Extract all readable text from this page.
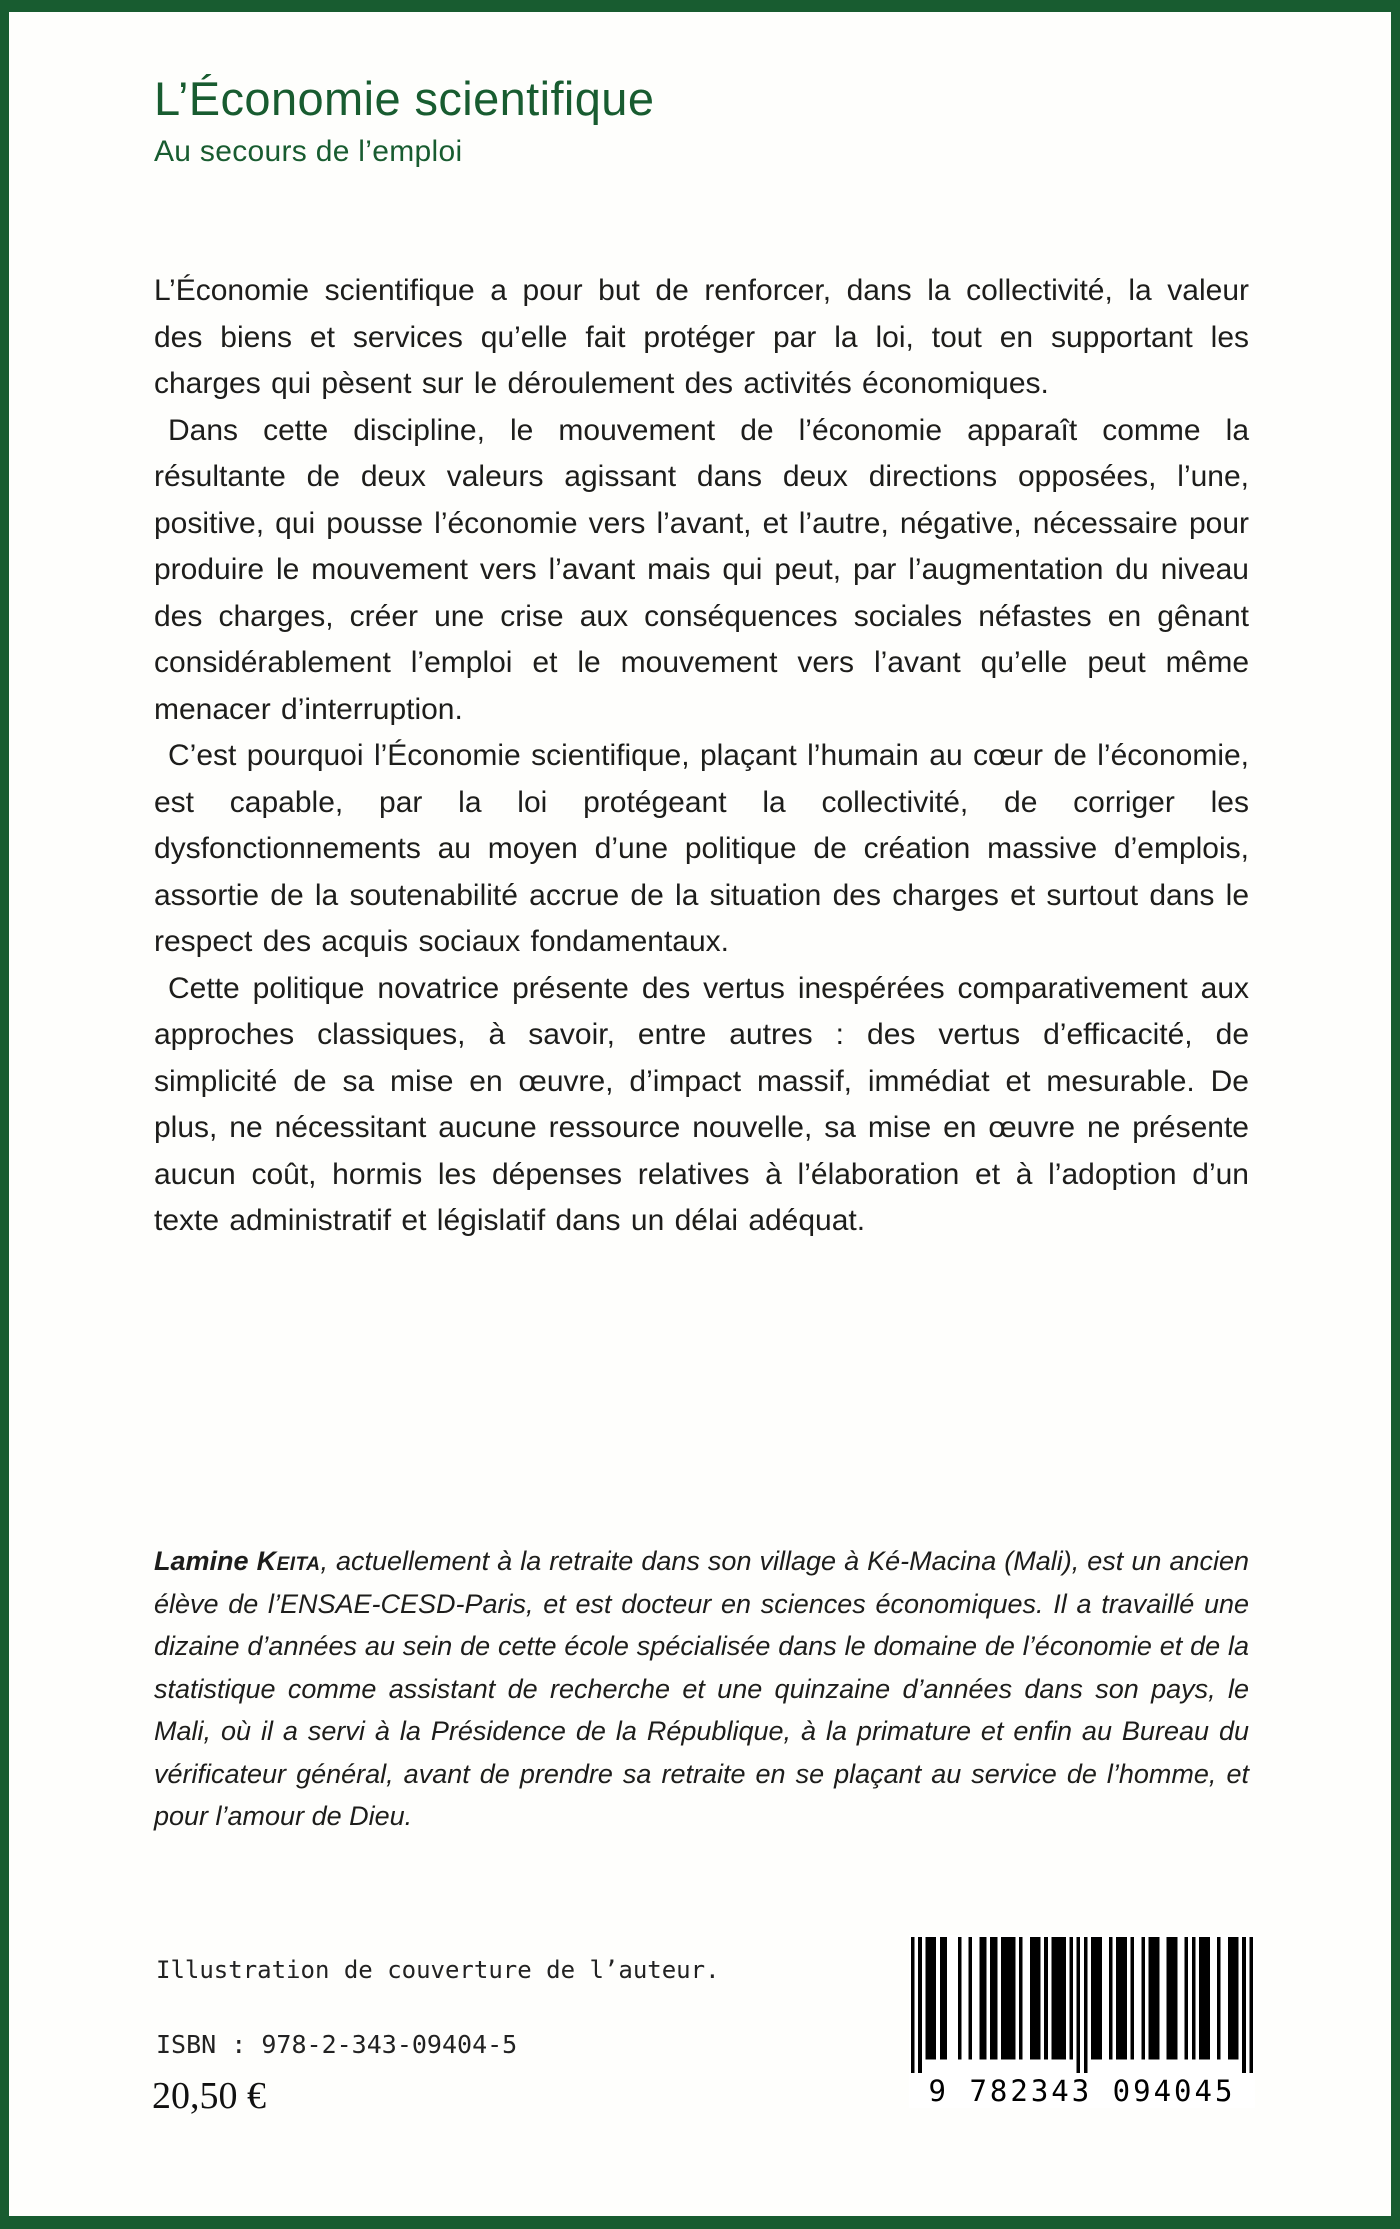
L’Économie scientifique
Au secours de l’emploi

L’Économie scientifique a pour but de renforcer, dans la collectivité, la valeur des biens et services qu’elle fait protéger par la loi, tout en supportant les charges qui pèsent sur le déroulement des activités économiques.

Dans cette discipline, le mouvement de l’économie apparaît comme la résultante de deux valeurs agissant dans deux directions opposées, l’une, positive, qui pousse l’économie vers l’avant, et l’autre, négative, nécessaire pour produire le mouvement vers l’avant mais qui peut, par l’augmentation du niveau des charges, créer une crise aux conséquences sociales néfastes en gênant considérablement l’emploi et le mouvement vers l’avant qu’elle peut même menacer d’interruption.

C’est pourquoi l’Économie scientifique, plaçant l’humain au cœur de l’économie, est capable, par la loi protégeant la collectivité, de corriger les dysfonctionnements au moyen d’une politique de création massive d’emplois, assortie de la soutenabilité accrue de la situation des charges et surtout dans le respect des acquis sociaux fondamentaux.

Cette politique novatrice présente des vertus inespérées comparativement aux approches classiques, à savoir, entre autres : des vertus d’efficacité, de simplicité de sa mise en œuvre, d’impact massif, immédiat et mesurable. De plus, ne nécessitant aucune ressource nouvelle, sa mise en œuvre ne présente aucun coût, hormis les dépenses relatives à l’élaboration et à l’adoption d’un texte administratif et législatif dans un délai adéquat.

Lamine Keita, actuellement à la retraite dans son village à Ké-Macina (Mali), est un ancien élève de l’ENSAE-CESD-Paris, et est docteur en sciences économiques. Il a travaillé une dizaine d’années au sein de cette école spécialisée dans le domaine de l’économie et de la statistique comme assistant de recherche et une quinzaine d’années dans son pays, le Mali, où il a servi à la Présidence de la République, à la primature et enfin au Bureau du vérificateur général, avant de prendre sa retraite en se plaçant au service de l’homme, et pour l’amour de Dieu.

Illustration de couverture de l’auteur.
ISBN : 978-2-343-09404-5
20,50 €	9 782343 094045
